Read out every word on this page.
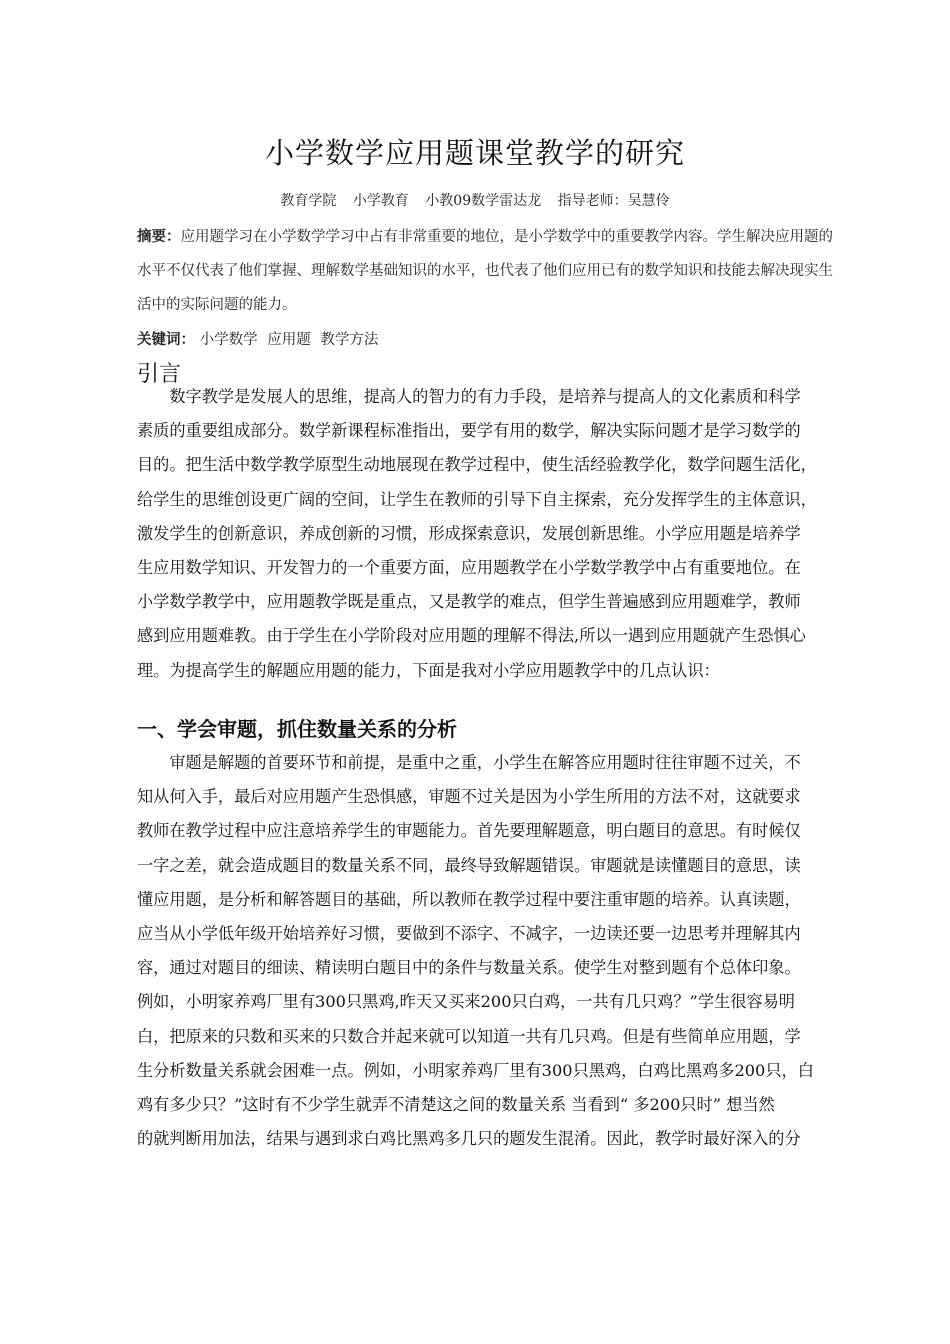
小学数学应用题课堂教学的研究
教育学院 小学教育 小教09数学雷达龙 指导老师：吴慧伶
摘要：应用题学习在小学数学学习中占有非常重要的地位，是小学数学中的重要教学内容。学生解决应用题的
水平不仅代表了他们掌握、理解数学基础知识的水平，也代表了他们应用已有的数学知识和技能去解决现实生
活中的实际问题的能力。
关键词： 小学数学 应用题 教学方法
引言
　　数字教学是发展人的思维，提高人的智力的有力手段，是培养与提高人的文化素质和科学
素质的重要组成部分。数学新课程标准指出，要学有用的数学，解决实际问题才是学习数学的
目的。把生活中数学教学原型生动地展现在教学过程中，使生活经验教学化，数学问题生活化，
给学生的思维创设更广阔的空间，让学生在教师的引导下自主探索，充分发挥学生的主体意识，
激发学生的创新意识，养成创新的习惯，形成探索意识，发展创新思维。小学应用题是培养学
生应用数学知识、开发智力的一个重要方面，应用题教学在小学数学教学中占有重要地位。在
小学数学教学中，应用题教学既是重点，又是教学的难点，但学生普遍感到应用题难学，教师
感到应用题难教。由于学生在小学阶段对应用题的理解不得法,所以一遇到应用题就产生恐惧心
理。为提高学生的解题应用题的能力，下面是我对小学应用题教学中的几点认识：
一、学会审题，抓住数量关系的分析
　　审题是解题的首要环节和前提，是重中之重，小学生在解答应用题时往往审题不过关，不
知从何入手，最后对应用题产生恐惧感，审题不过关是因为小学生所用的方法不对，这就要求
教师在教学过程中应注意培养学生的审题能力。首先要理解题意，明白题目的意思。有时候仅
一字之差，就会造成题目的数量关系不同，最终导致解题错误。审题就是读懂题目的意思，读
懂应用题，是分析和解答题目的基础，所以教师在教学过程中要注重审题的培养。认真读题，
应当从小学低年级开始培养好习惯，要做到不添字、不减字，一边读还要一边思考并理解其内
容，通过对题目的细读、精读明白题目中的条件与数量关系。使学生对整到题有个总体印象。
例如，小明家养鸡厂里有300只黑鸡,昨天又买来200只白鸡，一共有几只鸡？”学生很容易明
白，把原来的只数和买来的只数合并起来就可以知道一共有几只鸡。但是有些简单应用题，学
生分析数量关系就会困难一点。例如，小明家养鸡厂里有300只黑鸡，白鸡比黑鸡多200只，白
鸡有多少只？”这时有不少学生就弄不清楚这之间的数量关系 当看到“ 多200只时” 想当然
的就判断用加法，结果与遇到求白鸡比黑鸡多几只的题发生混淆。因此，教学时最好深入的分
